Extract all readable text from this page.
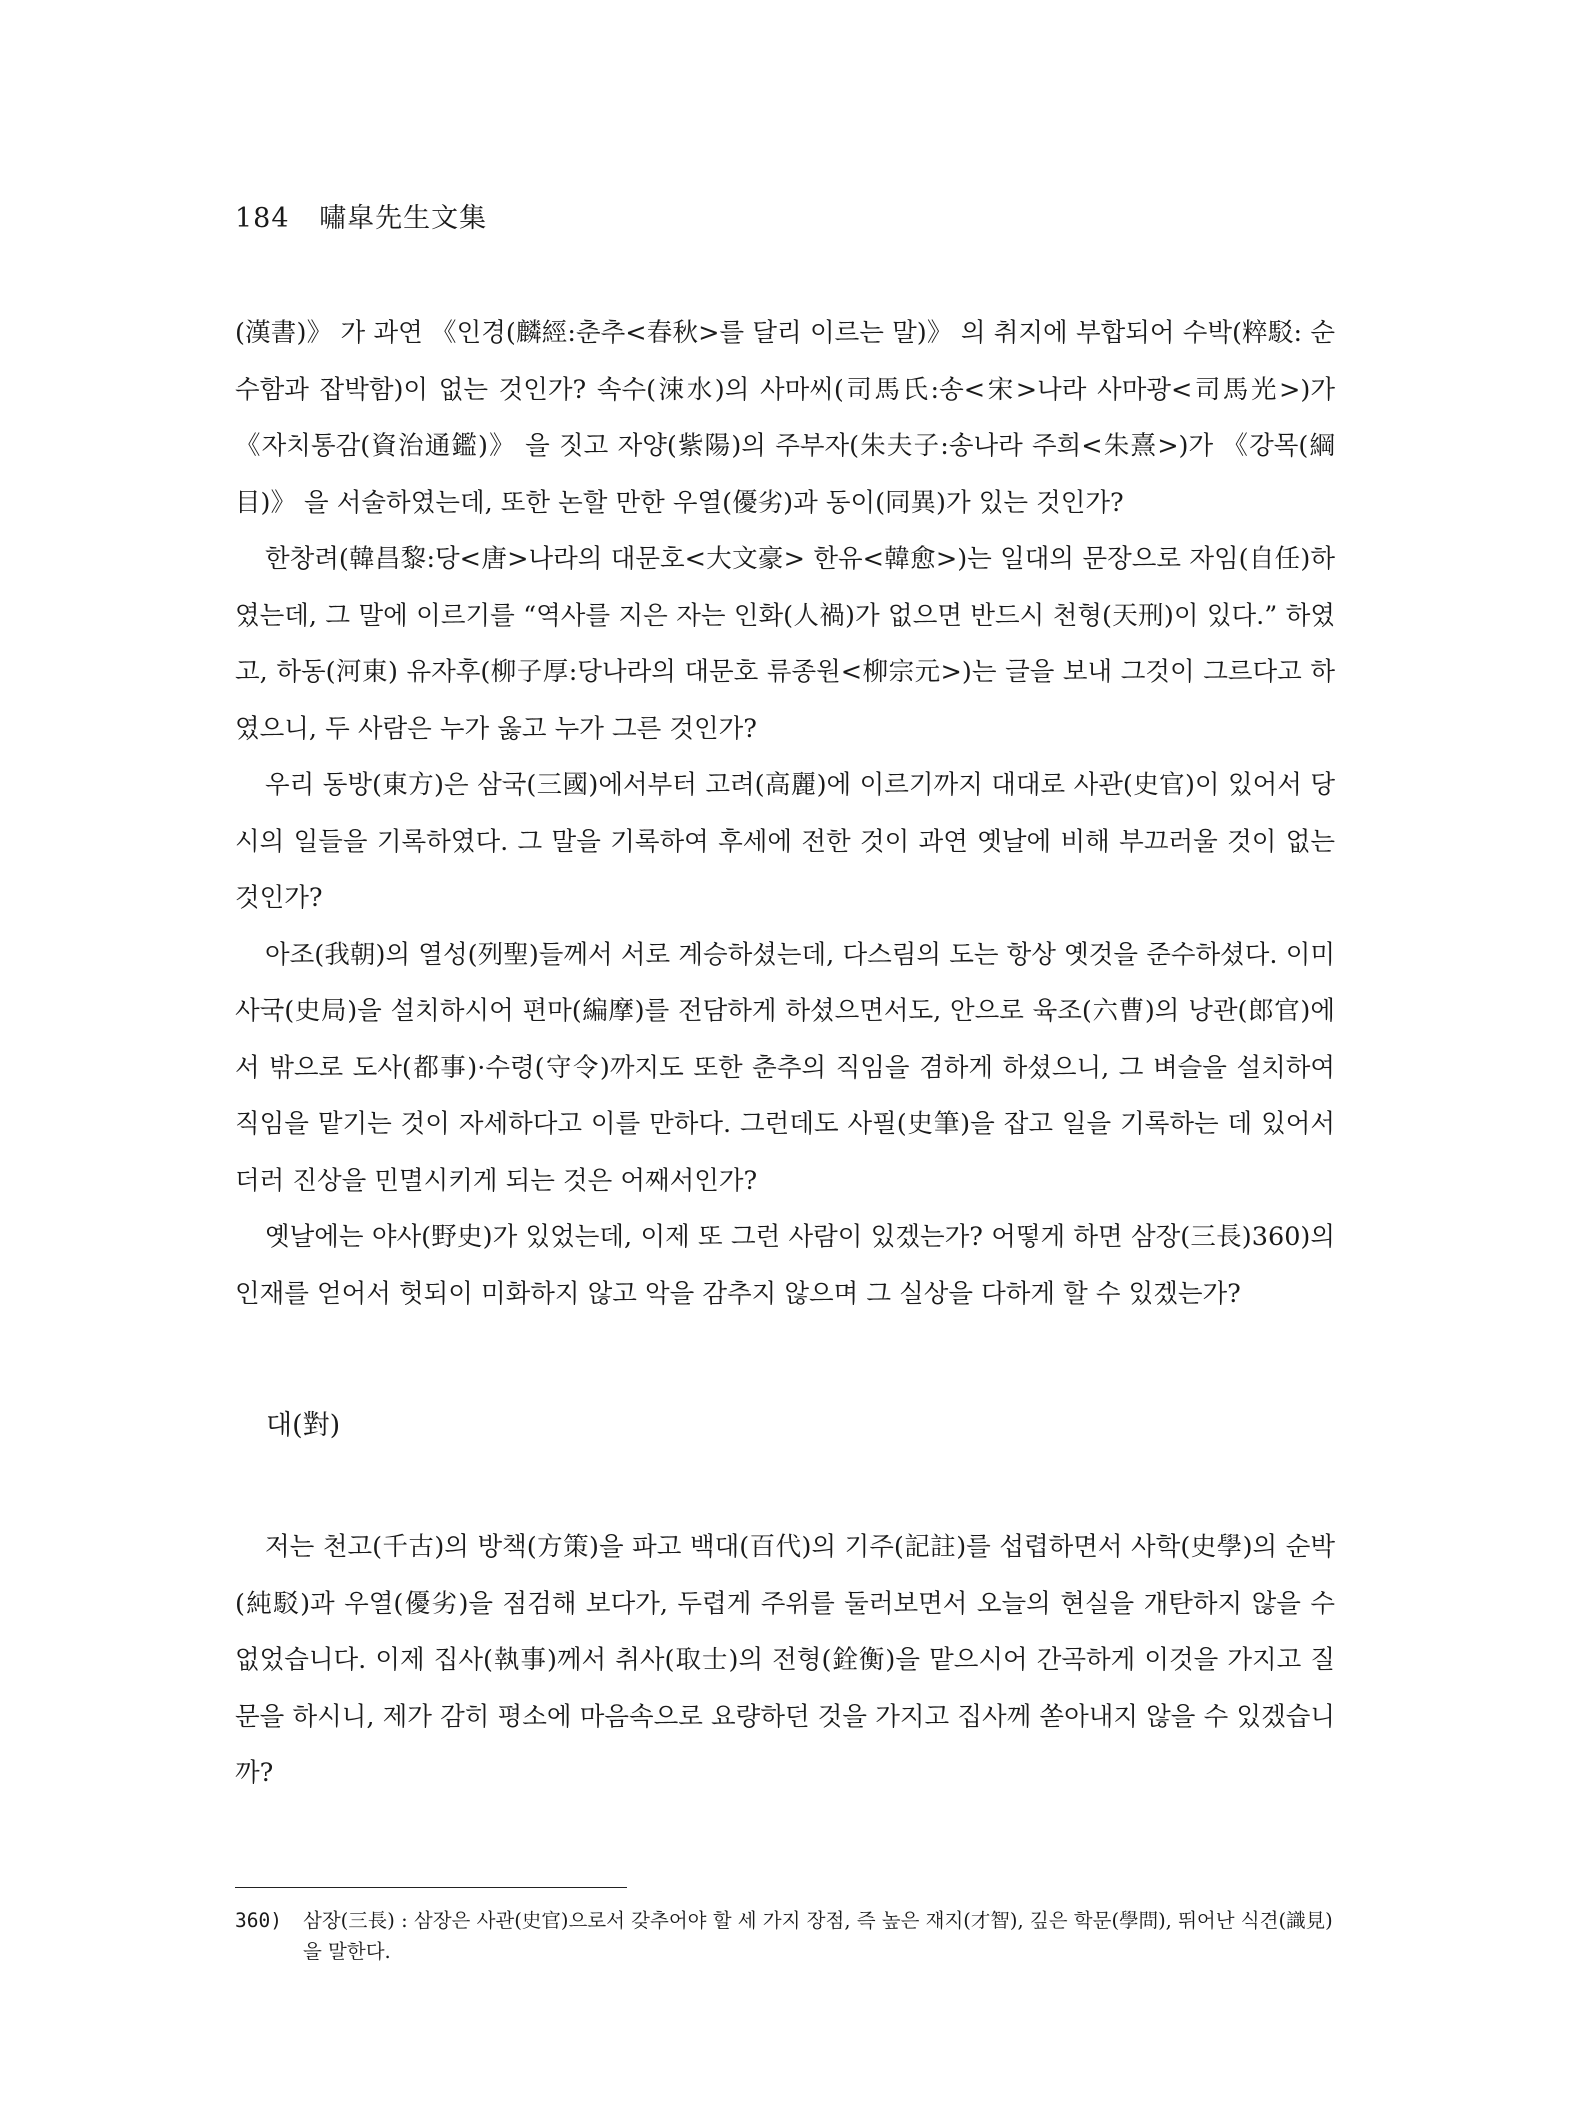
184 嘯皐先生文集

(漢書)》 가 과연 《인경(麟經:춘추<春秋>를 달리 이르는 말)》 의 취지에 부합되어 수박(粹駁: 순수함과 잡박함)이 없는 것인가? 속수(涑水)의 사마씨(司馬氏:송<宋>나라 사마광<司馬光>)가 《자치통감(資治通鑑)》 을 짓고 자양(紫陽)의 주부자(朱夫子:송나라 주희<朱熹>)가 《강목(綱目)》 을 서술하였는데, 또한 논할 만한 우열(優劣)과 동이(同異)가 있는 것인가?

한창려(韓昌黎:당<唐>나라의 대문호<大文豪> 한유<韓愈>)는 일대의 문장으로 자임(自任)하였는데, 그 말에 이르기를 “역사를 지은 자는 인화(人禍)가 없으면 반드시 천형(天刑)이 있다.” 하였고, 하동(河東) 유자후(柳子厚:당나라의 대문호 류종원<柳宗元>)는 글을 보내 그것이 그르다고 하였으니, 두 사람은 누가 옳고 누가 그른 것인가?

우리 동방(東方)은 삼국(三國)에서부터 고려(高麗)에 이르기까지 대대로 사관(史官)이 있어서 당시의 일들을 기록하였다. 그 말을 기록하여 후세에 전한 것이 과연 옛날에 비해 부끄러울 것이 없는 것인가?

아조(我朝)의 열성(列聖)들께서 서로 계승하셨는데, 다스림의 도는 항상 옛것을 준수하셨다. 이미 사국(史局)을 설치하시어 편마(編摩)를 전담하게 하셨으면서도, 안으로 육조(六曹)의 낭관(郎官)에서 밖으로 도사(都事)·수령(守令)까지도 또한 춘추의 직임을 겸하게 하셨으니, 그 벼슬을 설치하여 직임을 맡기는 것이 자세하다고 이를 만하다. 그런데도 사필(史筆)을 잡고 일을 기록하는 데 있어서 더러 진상을 민멸시키게 되는 것은 어째서인가?

옛날에는 야사(野史)가 있었는데, 이제 또 그런 사람이 있겠는가? 어떻게 하면 삼장(三長)360)의 인재를 얻어서 헛되이 미화하지 않고 악을 감추지 않으며 그 실상을 다하게 할 수 있겠는가?

대(對)

저는 천고(千古)의 방책(方策)을 파고 백대(百代)의 기주(記註)를 섭렵하면서 사학(史學)의 순박(純駁)과 우열(優劣)을 점검해 보다가, 두렵게 주위를 둘러보면서 오늘의 현실을 개탄하지 않을 수 없었습니다. 이제 집사(執事)께서 취사(取士)의 전형(銓衡)을 맡으시어 간곡하게 이것을 가지고 질문을 하시니, 제가 감히 평소에 마음속으로 요량하던 것을 가지고 집사께 쏟아내지 않을 수 있겠습니까?

360)	삼장(三長) : 삼장은 사관(史官)으로서 갖추어야 할 세 가지 장점, 즉 높은 재지(才智), 깊은 학문(學問), 뛰어난 식견(識見)을 말한다.
